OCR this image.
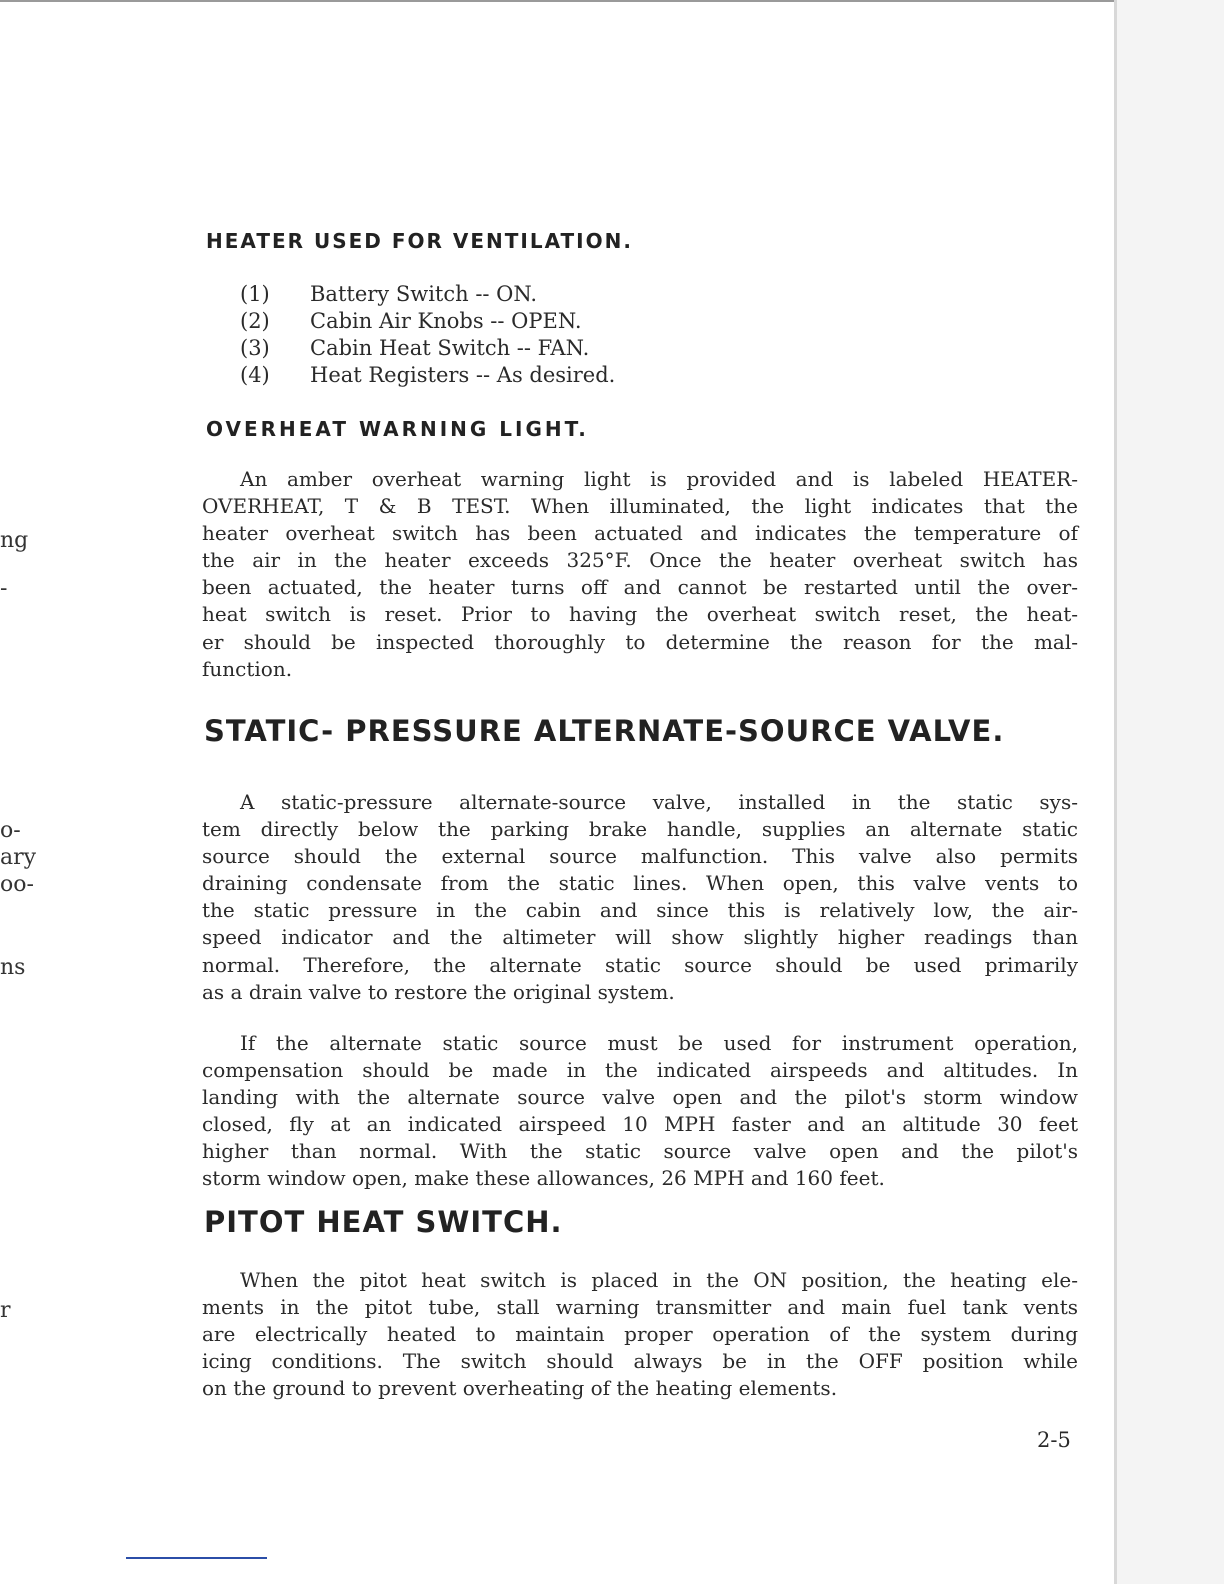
ng
-
o-
ary
oo-
ns
r
HEATER USED FOR VENTILATION.
(1) Battery Switch -- ON.
(2) Cabin Air Knobs -- OPEN.
(3) Cabin Heat Switch -- FAN.
(4) Heat Registers -- As desired.
OVERHEAT WARNING LIGHT.
An amber overheat warning light is provided and is labeled HEATER-
OVERHEAT, T & B TEST. When illuminated, the light indicates that the
heater overheat switch has been actuated and indicates the temperature of
the air in the heater exceeds 325°F. Once the heater overheat switch has
been actuated, the heater turns off and cannot be restarted until the over-
heat switch is reset. Prior to having the overheat switch reset, the heat-
er should be inspected thoroughly to determine the reason for the mal-
function.
STATIC- PRESSURE ALTERNATE-SOURCE VALVE.
A static-pressure alternate-source valve, installed in the static sys-
tem directly below the parking brake handle, supplies an alternate static
source should the external source malfunction. This valve also permits
draining condensate from the static lines. When open, this valve vents to
the static pressure in the cabin and since this is relatively low, the air-
speed indicator and the altimeter will show slightly higher readings than
normal. Therefore, the alternate static source should be used primarily
as a drain valve to restore the original system.
If the alternate static source must be used for instrument operation,
compensation should be made in the indicated airspeeds and altitudes. In
landing with the alternate source valve open and the pilot's storm window
closed, fly at an indicated airspeed 10 MPH faster and an altitude 30 feet
higher than normal. With the static source valve open and the pilot's
storm window open, make these allowances, 26 MPH and 160 feet.
PITOT HEAT SWITCH.
When the pitot heat switch is placed in the ON position, the heating ele-
ments in the pitot tube, stall warning transmitter and main fuel tank vents
are electrically heated to maintain proper operation of the system during
icing conditions. The switch should always be in the OFF position while
on the ground to prevent overheating of the heating elements.
2-5
